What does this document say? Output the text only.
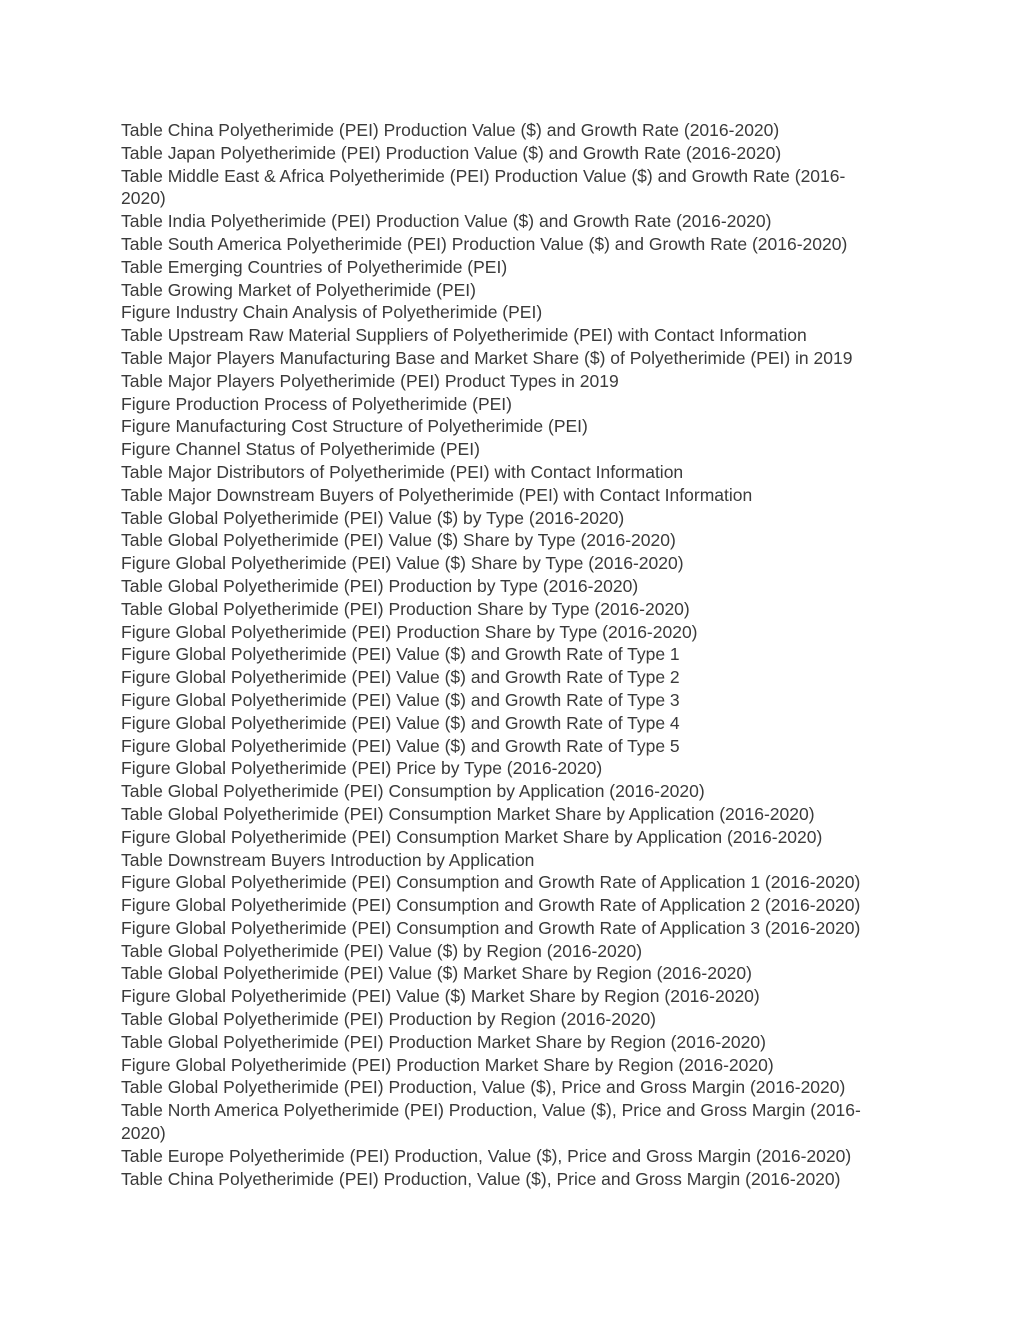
Table China Polyetherimide (PEI) Production Value ($) and Growth Rate (2016-2020)
Table Japan Polyetherimide (PEI) Production Value ($) and Growth Rate (2016-2020)
Table Middle East & Africa Polyetherimide (PEI) Production Value ($) and Growth Rate (2016-
2020)
Table India Polyetherimide (PEI) Production Value ($) and Growth Rate (2016-2020)
Table South America Polyetherimide (PEI) Production Value ($) and Growth Rate (2016-2020)
Table Emerging Countries of Polyetherimide (PEI)
Table Growing Market of Polyetherimide (PEI)
Figure Industry Chain Analysis of Polyetherimide (PEI)
Table Upstream Raw Material Suppliers of Polyetherimide (PEI) with Contact Information
Table Major Players Manufacturing Base and Market Share ($) of Polyetherimide (PEI) in 2019
Table Major Players Polyetherimide (PEI) Product Types in 2019
Figure Production Process of Polyetherimide (PEI)
Figure Manufacturing Cost Structure of Polyetherimide (PEI)
Figure Channel Status of Polyetherimide (PEI)
Table Major Distributors of Polyetherimide (PEI) with Contact Information
Table Major Downstream Buyers of Polyetherimide (PEI) with Contact Information
Table Global Polyetherimide (PEI) Value ($) by Type (2016-2020)
Table Global Polyetherimide (PEI) Value ($) Share by Type (2016-2020)
Figure Global Polyetherimide (PEI) Value ($) Share by Type (2016-2020)
Table Global Polyetherimide (PEI) Production by Type (2016-2020)
Table Global Polyetherimide (PEI) Production Share by Type (2016-2020)
Figure Global Polyetherimide (PEI) Production Share by Type (2016-2020)
Figure Global Polyetherimide (PEI) Value ($) and Growth Rate of Type 1
Figure Global Polyetherimide (PEI) Value ($) and Growth Rate of Type 2
Figure Global Polyetherimide (PEI) Value ($) and Growth Rate of Type 3
Figure Global Polyetherimide (PEI) Value ($) and Growth Rate of Type 4
Figure Global Polyetherimide (PEI) Value ($) and Growth Rate of Type 5
Figure Global Polyetherimide (PEI) Price by Type (2016-2020)
Table Global Polyetherimide (PEI) Consumption by Application (2016-2020)
Table Global Polyetherimide (PEI) Consumption Market Share by Application (2016-2020)
Figure Global Polyetherimide (PEI) Consumption Market Share by Application (2016-2020)
Table Downstream Buyers Introduction by Application
Figure Global Polyetherimide (PEI) Consumption and Growth Rate of Application 1 (2016-2020)
Figure Global Polyetherimide (PEI) Consumption and Growth Rate of Application 2 (2016-2020)
Figure Global Polyetherimide (PEI) Consumption and Growth Rate of Application 3 (2016-2020)
Table Global Polyetherimide (PEI) Value ($) by Region (2016-2020)
Table Global Polyetherimide (PEI) Value ($) Market Share by Region (2016-2020)
Figure Global Polyetherimide (PEI) Value ($) Market Share by Region (2016-2020)
Table Global Polyetherimide (PEI) Production by Region (2016-2020)
Table Global Polyetherimide (PEI) Production Market Share by Region (2016-2020)
Figure Global Polyetherimide (PEI) Production Market Share by Region (2016-2020)
Table Global Polyetherimide (PEI) Production, Value ($), Price and Gross Margin (2016-2020)
Table North America Polyetherimide (PEI) Production, Value ($), Price and Gross Margin (2016-
2020)
Table Europe Polyetherimide (PEI) Production, Value ($), Price and Gross Margin (2016-2020)
Table China Polyetherimide (PEI) Production, Value ($), Price and Gross Margin (2016-2020)
